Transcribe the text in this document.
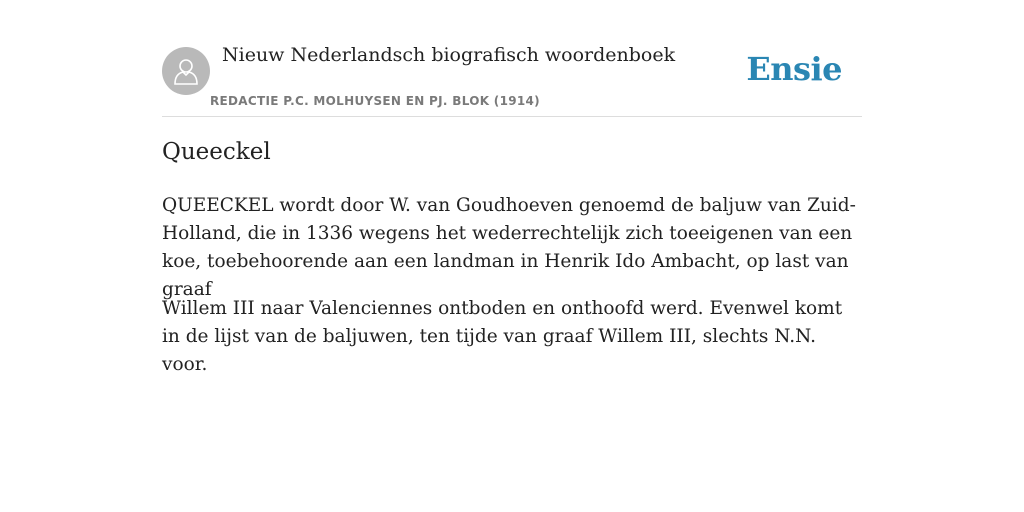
Nieuw Nederlandsch biografisch woordenboek
REDACTIE P.C. MOLHUYSEN EN PJ. BLOK (1914)
Ensie
Queeckel

QUEECKEL wordt door W. van Goudhoeven genoemd de baljuw van Zuid-Holland, die in 1336 wegens het wederrechtelijk zich toeeigenen van een koe, toebehoorende aan een landman in Henrik Ido Ambacht, op last van graaf

Willem III naar Valenciennes ontboden en onthoofd werd. Evenwel komt in de lijst van de baljuwen, ten tijde van graaf Willem III, slechts N.N. voor.
